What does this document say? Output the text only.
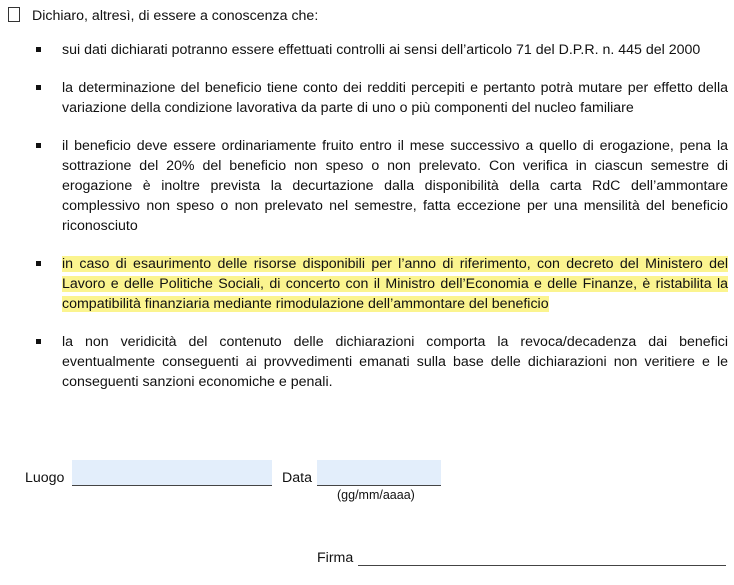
Dichiaro, altresì, di essere a conoscenza che:
sui dati dichiarati potranno essere effettuati controlli ai sensi dell’articolo 71 del D.P.R. n. 445 del 2000
la determinazione del beneficio tiene conto dei redditi percepiti e pertanto potrà mutare per effetto della variazione della condizione lavorativa da parte di uno o più componenti del nucleo familiare
il beneficio deve essere ordinariamente fruito entro il mese successivo a quello di erogazione, pena la sottrazione del 20% del beneficio non speso o non prelevato. Con verifica in ciascun semestre di erogazione è inoltre prevista la decurtazione dalla disponibilità della carta RdC dell’ammontare complessivo non speso o non prelevato nel semestre, fatta eccezione per una mensilità del beneficio riconosciuto
in caso di esaurimento delle risorse disponibili per l’anno di riferimento, con decreto del Ministero del Lavoro e delle Politiche Sociali, di concerto con il Ministro dell’Economia e delle Finanze, è ristabilita la compatibilità finanziaria mediante rimodulazione dell’ammontare del beneficio
la non veridicità del contenuto delle dichiarazioni comporta la revoca/decadenza dai benefici eventualmente conseguenti ai provvedimenti emanati sulla base delle dichiarazioni non veritiere e le conseguenti sanzioni economiche e penali.
Luogo	Data
(gg/mm/aaaa)
Firma
